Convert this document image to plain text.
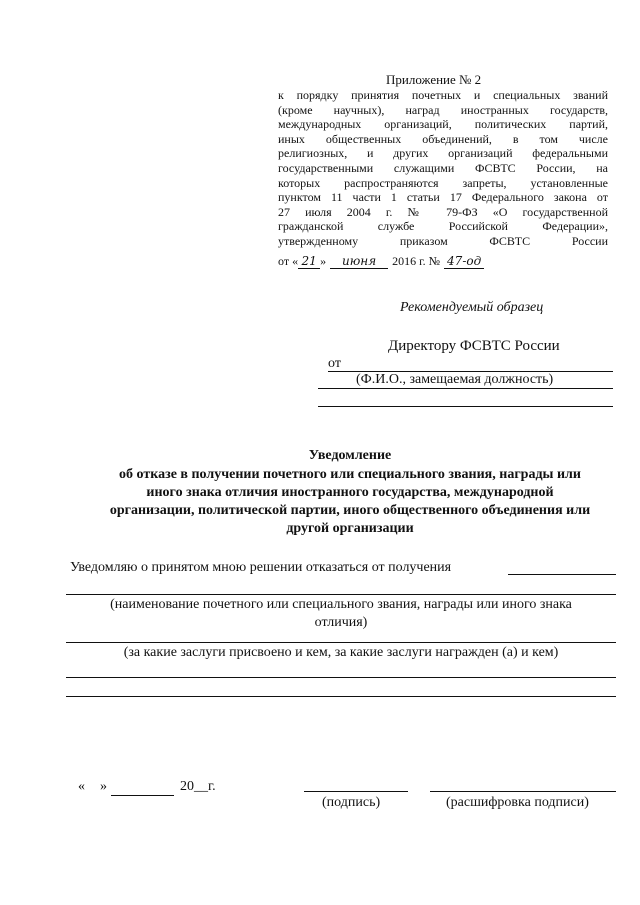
Приложение № 2
к порядку принятия почетных и специальных званий
(кроме научных), наград иностранных государств,
международных организаций, политических партий,
иных общественных объединений, в том числе
религиозных, и других организаций федеральными
государственными служащими ФСВТС России, на
которых распространяются запреты, установленные
пунктом 11 части 1 статьи 17 Федерального закона от
27 июля 2004 г. № 79-ФЗ «О государственной
гражданской службе Российской Федерации»,
утвержденному приказом ФСВТС России
от « 21 »	июня	2016 г. № 47-од
Рекомендуемый образец
Директору ФСВТС России
от
(Ф.И.О., замещаемая должность)
Уведомление
об отказе в получении почетного или специального звания, награды или
иного знака отличия иностранного государства, международной
организации, политической партии, иного общественного объединения или
другой организации
Уведомляю о принятом мною решении отказаться от получения
(наименование почетного или специального звания, награды или иного знака
отличия)
(за какие заслуги присвоено и кем, за какие заслуги награжден (а) и кем)
« »	20__г.
(подпись)	(расшифровка подписи)
